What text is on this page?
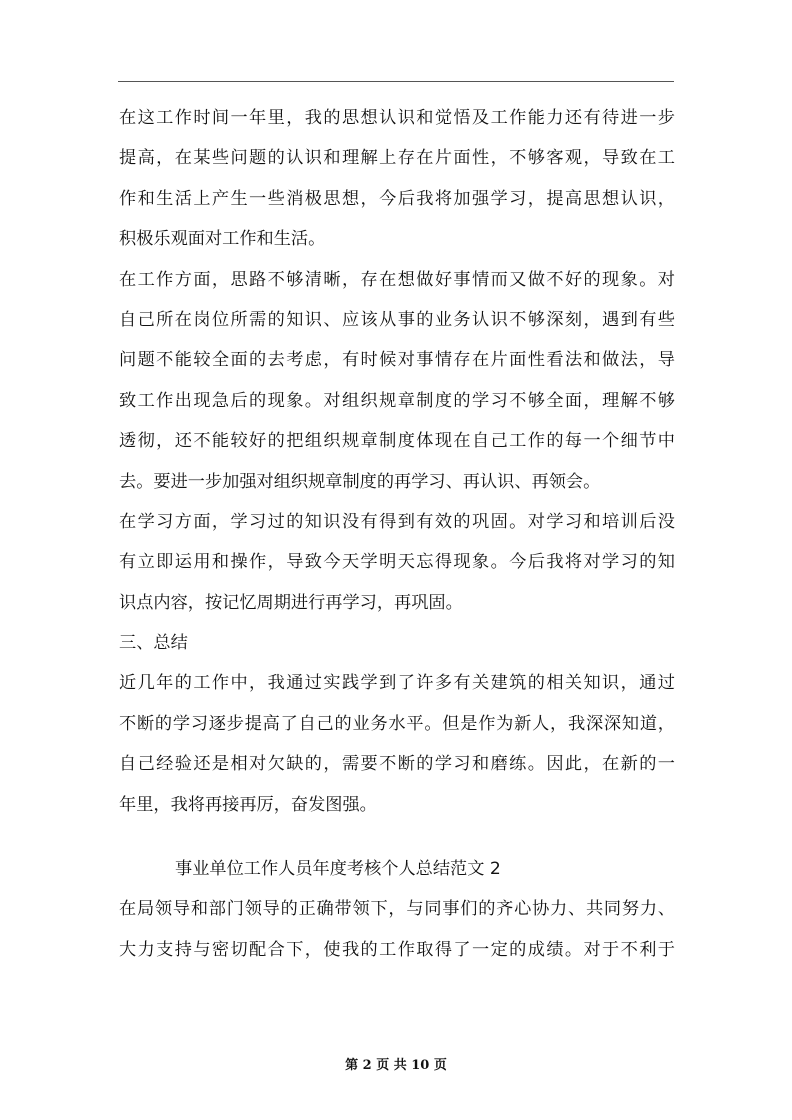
在这工作时间一年里，我的思想认识和觉悟及工作能力还有待进一步
提高，在某些问题的认识和理解上存在片面性，不够客观，导致在工
作和生活上产生一些消极思想，今后我将加强学习，提高思想认识，
积极乐观面对工作和生活。
在工作方面，思路不够清晰，存在想做好事情而又做不好的现象。对
自己所在岗位所需的知识、应该从事的业务认识不够深刻，遇到有些
问题不能较全面的去考虑，有时候对事情存在片面性看法和做法，导
致工作出现急后的现象。对组织规章制度的学习不够全面，理解不够
透彻，还不能较好的把组织规章制度体现在自己工作的每一个细节中
去。要进一步加强对组织规章制度的再学习、再认识、再领会。
在学习方面，学习过的知识没有得到有效的巩固。对学习和培训后没
有立即运用和操作，导致今天学明天忘得现象。今后我将对学习的知
识点内容，按记忆周期进行再学习，再巩固。
三、总结
近几年的工作中，我通过实践学到了许多有关建筑的相关知识，通过
不断的学习逐步提高了自己的业务水平。但是作为新人，我深深知道，
自己经验还是相对欠缺的，需要不断的学习和磨练。因此，在新的一
年里，我将再接再厉，奋发图强。
事业单位工作人员年度考核个人总结范文 2
在局领导和部门领导的正确带领下，与同事们的齐心协力、共同努力、
大力支持与密切配合下，使我的工作取得了一定的成绩。对于不利于
第 2 页 共 10 页
